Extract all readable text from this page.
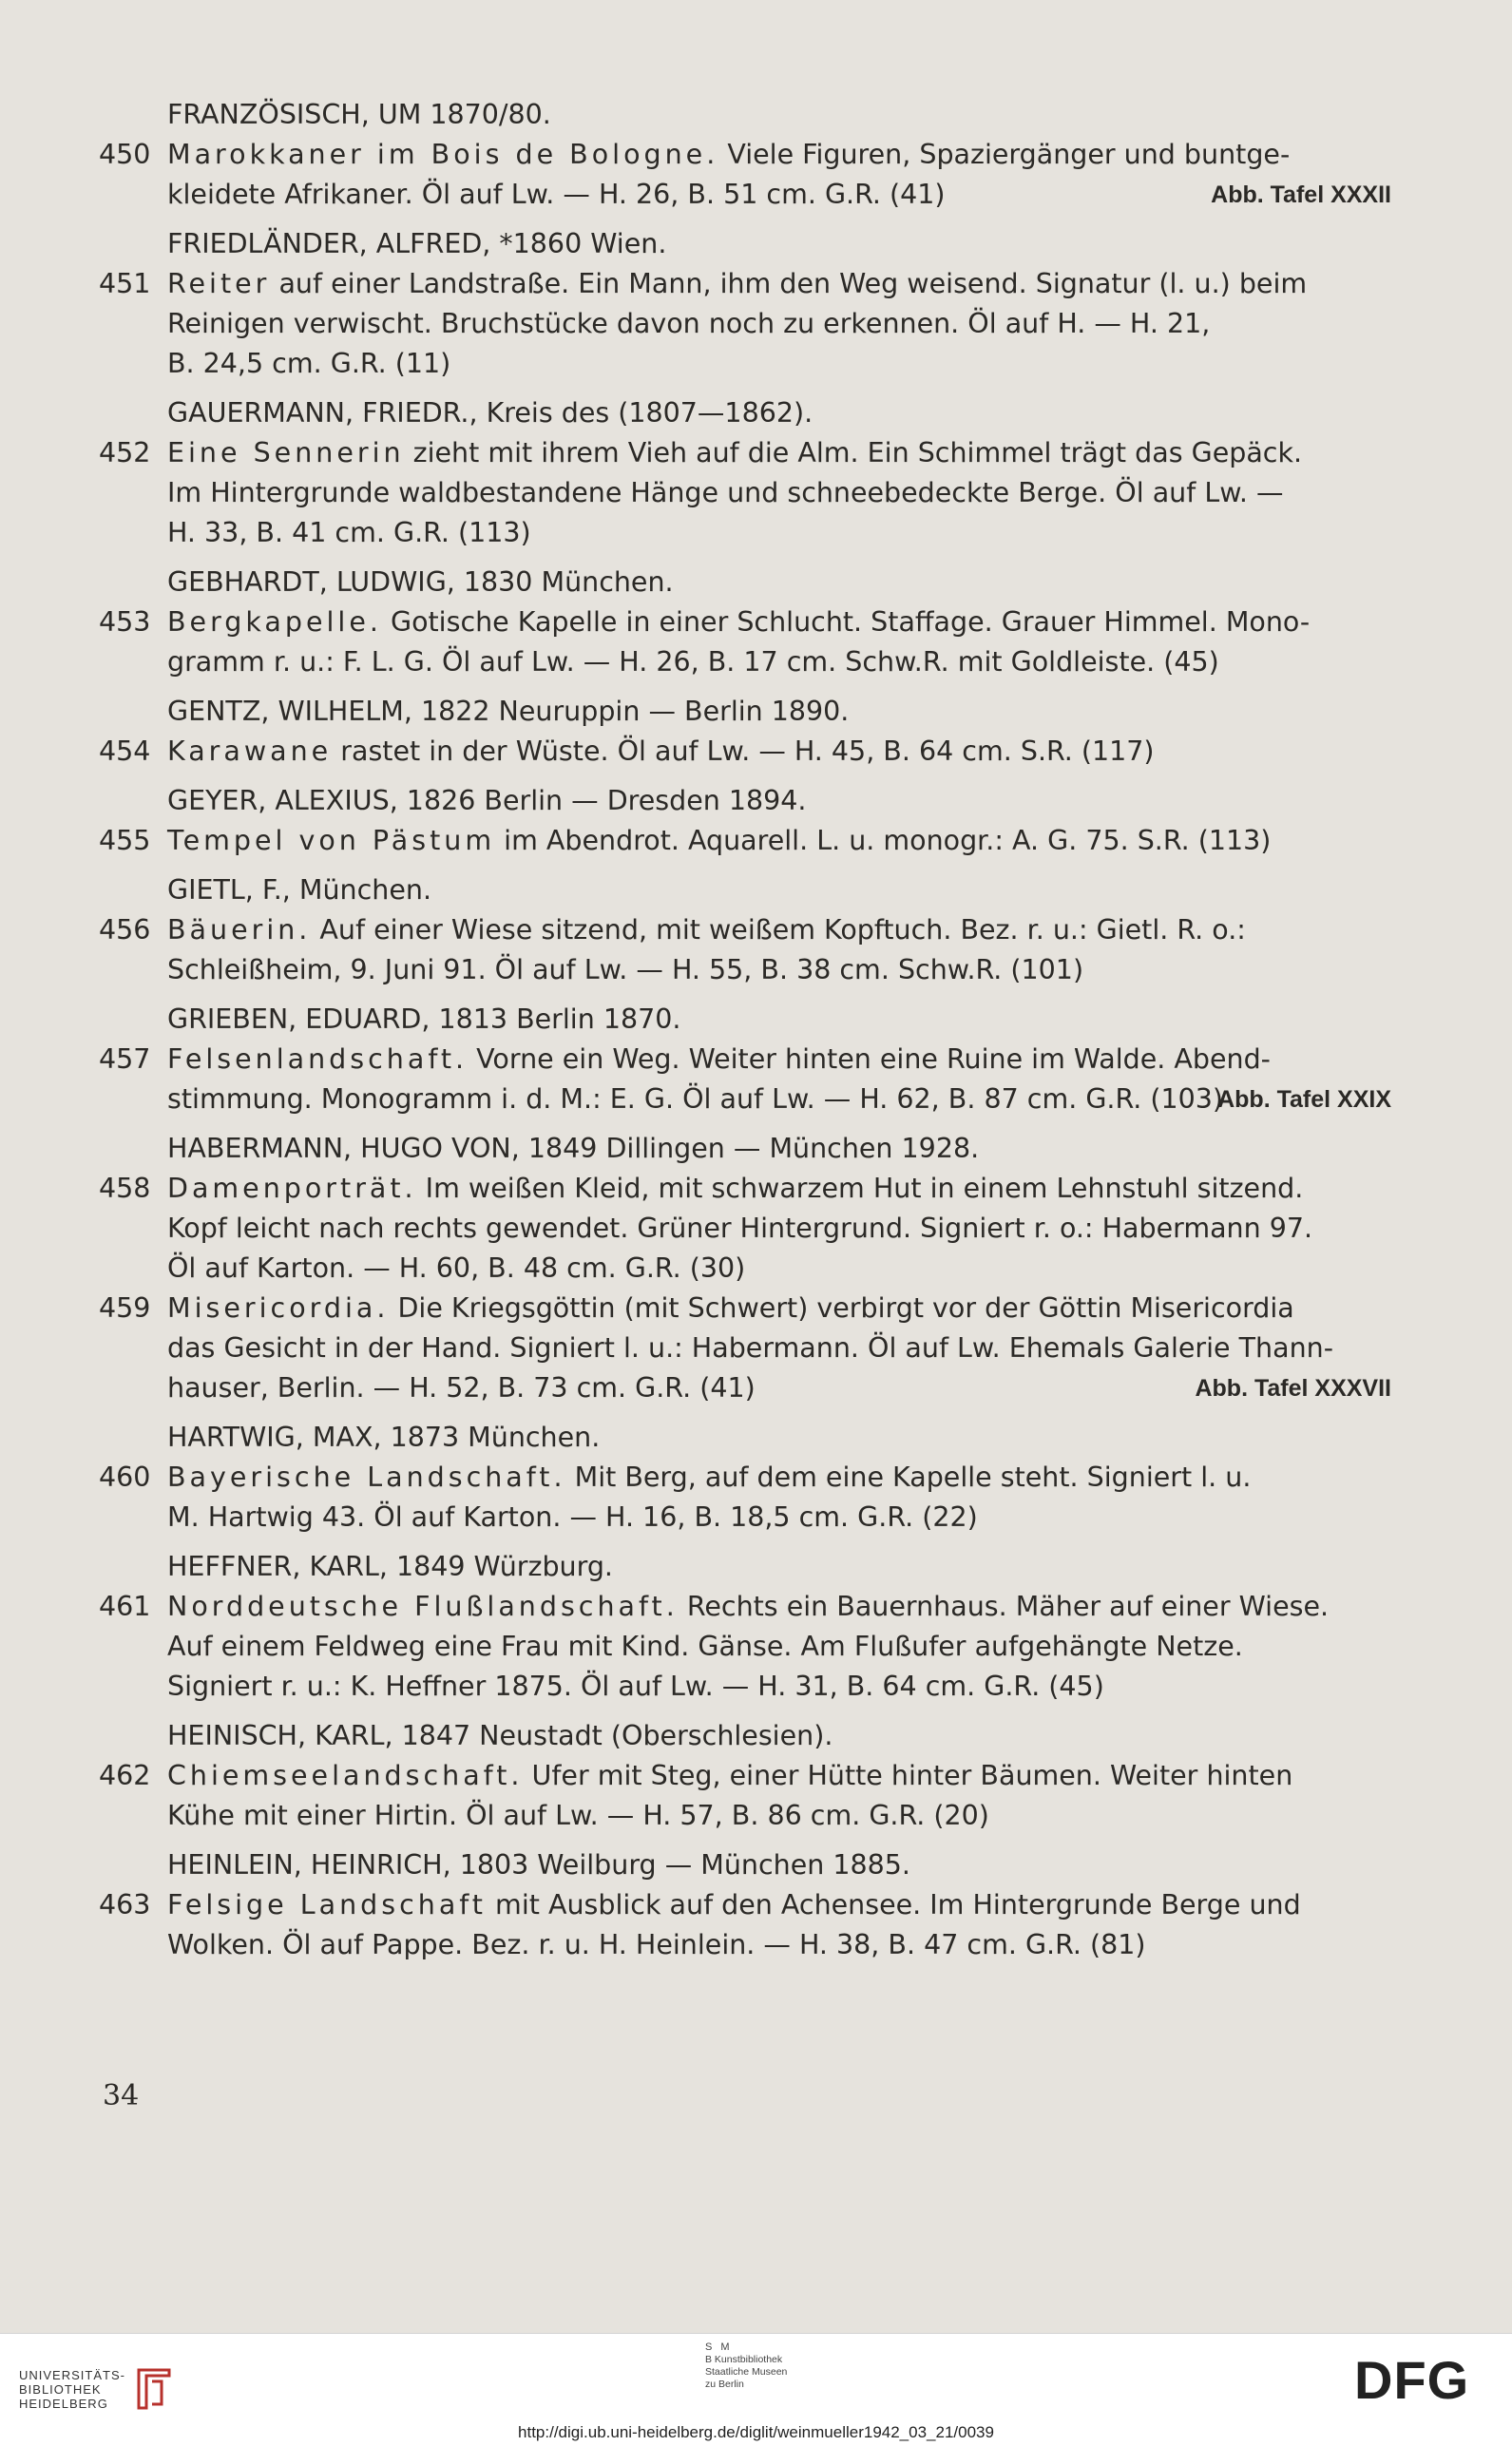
FRANZÖSISCH, UM 1870/80.
450 Marokkaner im Bois de Bologne. Viele Figuren, Spaziergänger und buntge-
kleidete Afrikaner. Öl auf Lw. — H. 26, B. 51 cm. G.R. (41)	Abb. Tafel XXXII
FRIEDLÄNDER, ALFRED, *1860 Wien.
451 Reiter auf einer Landstraße. Ein Mann, ihm den Weg weisend. Signatur (l. u.) beim
Reinigen verwischt. Bruchstücke davon noch zu erkennen. Öl auf H. — H. 21,
B. 24,5 cm. G.R. (11)
GAUERMANN, FRIEDR., Kreis des (1807—1862).
452 Eine Sennerin zieht mit ihrem Vieh auf die Alm. Ein Schimmel trägt das Gepäck.
Im Hintergrunde waldbestandene Hänge und schneebedeckte Berge. Öl auf Lw. —
H. 33, B. 41 cm. G.R. (113)
GEBHARDT, LUDWIG, 1830 München.
453 Bergkapelle. Gotische Kapelle in einer Schlucht. Staffage. Grauer Himmel. Mono-
gramm r. u.: F. L. G. Öl auf Lw. — H. 26, B. 17 cm. Schw.R. mit Goldleiste. (45)
GENTZ, WILHELM, 1822 Neuruppin — Berlin 1890.
454 Karawane rastet in der Wüste. Öl auf Lw. — H. 45, B. 64 cm. S.R. (117)
GEYER, ALEXIUS, 1826 Berlin — Dresden 1894.
455 Tempel von Pästum im Abendrot. Aquarell. L. u. monogr.: A. G. 75. S.R. (113)
GIETL, F., München.
456 Bäuerin. Auf einer Wiese sitzend, mit weißem Kopftuch. Bez. r. u.: Gietl. R. o.:
Schleißheim, 9. Juni 91. Öl auf Lw. — H. 55, B. 38 cm. Schw.R. (101)
GRIEBEN, EDUARD, 1813 Berlin 1870.
457 Felsenlandschaft. Vorne ein Weg. Weiter hinten eine Ruine im Walde. Abend-
stimmung. Monogramm i. d. M.: E. G. Öl auf Lw. — H. 62, B. 87 cm. G.R. (103)
Abb. Tafel XXIX
HABERMANN, HUGO VON, 1849 Dillingen — München 1928.
458 Damenporträt. Im weißen Kleid, mit schwarzem Hut in einem Lehnstuhl sitzend.
Kopf leicht nach rechts gewendet. Grüner Hintergrund. Signiert r. o.: Habermann 97.
Öl auf Karton. — H. 60, B. 48 cm. G.R. (30)
459 Misericordia. Die Kriegsgöttin (mit Schwert) verbirgt vor der Göttin Misericordia
das Gesicht in der Hand. Signiert l. u.: Habermann. Öl auf Lw. Ehemals Galerie Thann-
hauser, Berlin. — H. 52, B. 73 cm. G.R. (41)	Abb. Tafel XXXVII
HARTWIG, MAX, 1873 München.
460 Bayerische Landschaft. Mit Berg, auf dem eine Kapelle steht. Signiert l. u.
M. Hartwig 43. Öl auf Karton. — H. 16, B. 18,5 cm. G.R. (22)
HEFFNER, KARL, 1849 Würzburg.
461 Norddeutsche Flußlandschaft. Rechts ein Bauernhaus. Mäher auf einer Wiese.
Auf einem Feldweg eine Frau mit Kind. Gänse. Am Flußufer aufgehängte Netze.
Signiert r. u.: K. Heffner 1875. Öl auf Lw. — H. 31, B. 64 cm. G.R. (45)
HEINISCH, KARL, 1847 Neustadt (Oberschlesien).
462 Chiemseelandschaft. Ufer mit Steg, einer Hütte hinter Bäumen. Weiter hinten
Kühe mit einer Hirtin. Öl auf Lw. — H. 57, B. 86 cm. G.R. (20)
HEINLEIN, HEINRICH, 1803 Weilburg — München 1885.
463 Felsige Landschaft mit Ausblick auf den Achensee. Im Hintergrunde Berge und
Wolken. Öl auf Pappe. Bez. r. u. H. Heinlein. — H. 38, B. 47 cm. G.R. (81)
34
UNIVERSITÄTS-
BIBLIOTHEK
HEIDELBERG
S M
B Kunstbibliothek
Staatliche Museen
zu Berlin	DFG
http://digi.ub.uni-heidelberg.de/diglit/weinmueller1942_03_21/0039
